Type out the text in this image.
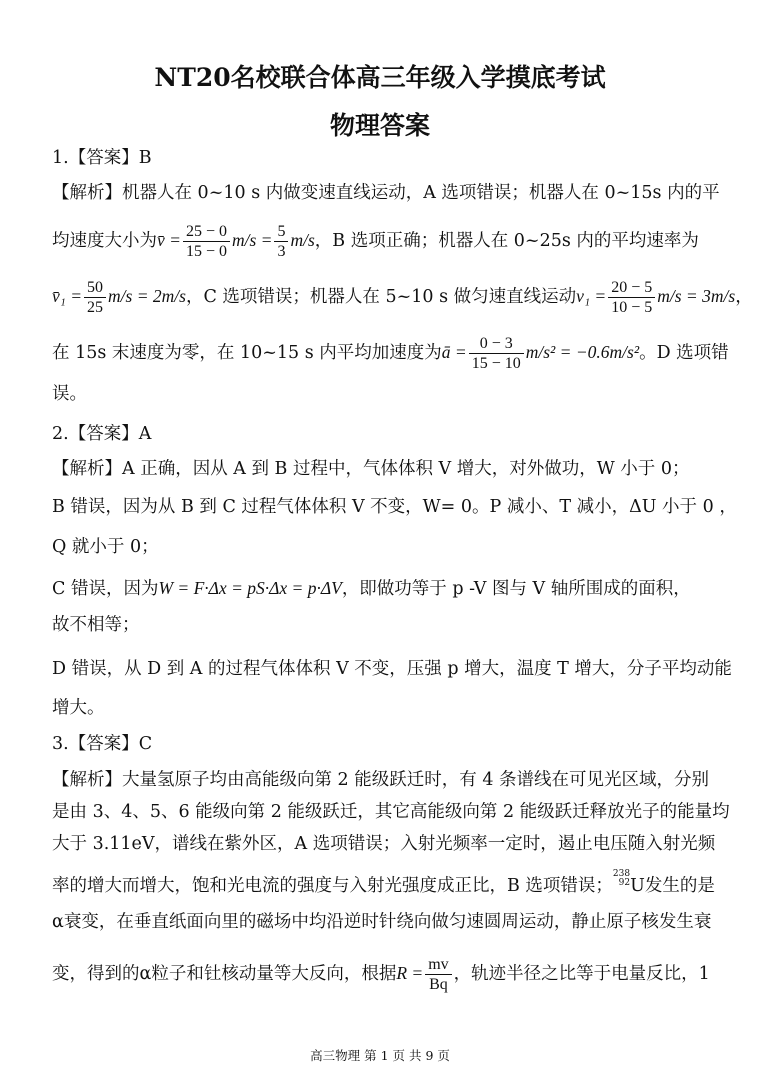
NT20名校联合体高三年级入学摸底考试
物理答案
1.【答案】B
【解析】机器人在 0~10 s 内做变速直线运动，A 选项错误；机器人在 0~15s 内的平
均速度大小为v̄ = $\frac{25 - 0}{15 - 0} m/s = \frac{5}{3} m/s$，B 选项正确；机器人在 0~25s 内的平均速率为
v̄₁ = $\frac{50}{25} m/s = 2m/s$，C 选项错误；机器人在 5~10 s 做匀速直线运动$v_1 = \frac{20 - 5}{10 - 5} m/s = 3m/s$，
在 15s 末速度为零，在 10~15 s 内平均加速度为ā = $\frac{0 - 3}{15 - 10} m/s^2 = -0.6m/s^2$。D 选项错
误。
2.【答案】A
【解析】A 正确，因从 A 到 B 过程中，气体体积 V 增大，对外做功，W 小于 0；
B 错误，因为从 B 到 C 过程气体体积 V 不变，W= 0。P 减小、T 减小，ΔU 小于 0 ，
Q 就小于 0；
C 错误，因为W = F·Δx = pS·Δx = p·ΔV，即做功等于 p -V 图与 V 轴所围成的面积，
故不相等；
D 错误，从 D 到 A 的过程气体体积 V 不变，压强 p 增大，温度 T 增大，分子平均动能
增大。
3.【答案】C
【解析】大量氢原子均由高能级向第 2 能级跃迁时，有 4 条谱线在可见光区域，分别
是由 3、4、5、6 能级向第 2 能级跃迁，其它高能级向第 2 能级跃迁释放光子的能量均
大于 3.11eV，谱线在紫外区，A 选项错误；入射光频率一定时，遏止电压随入射光频
率的增大而增大，饱和光电流的强度与入射光强度成正比，B 选项错误；238
92U发生的是
α衰变，在垂直纸面向里的磁场中均沿逆时针绕向做匀速圆周运动，静止原子核发生衰
变，得到的α粒子和钍核动量等大反向，根据$R = \frac{mv}{Bq}$ ，轨迹半径之比等于电量反比，1
高三物理 第 1 页 共 9 页
